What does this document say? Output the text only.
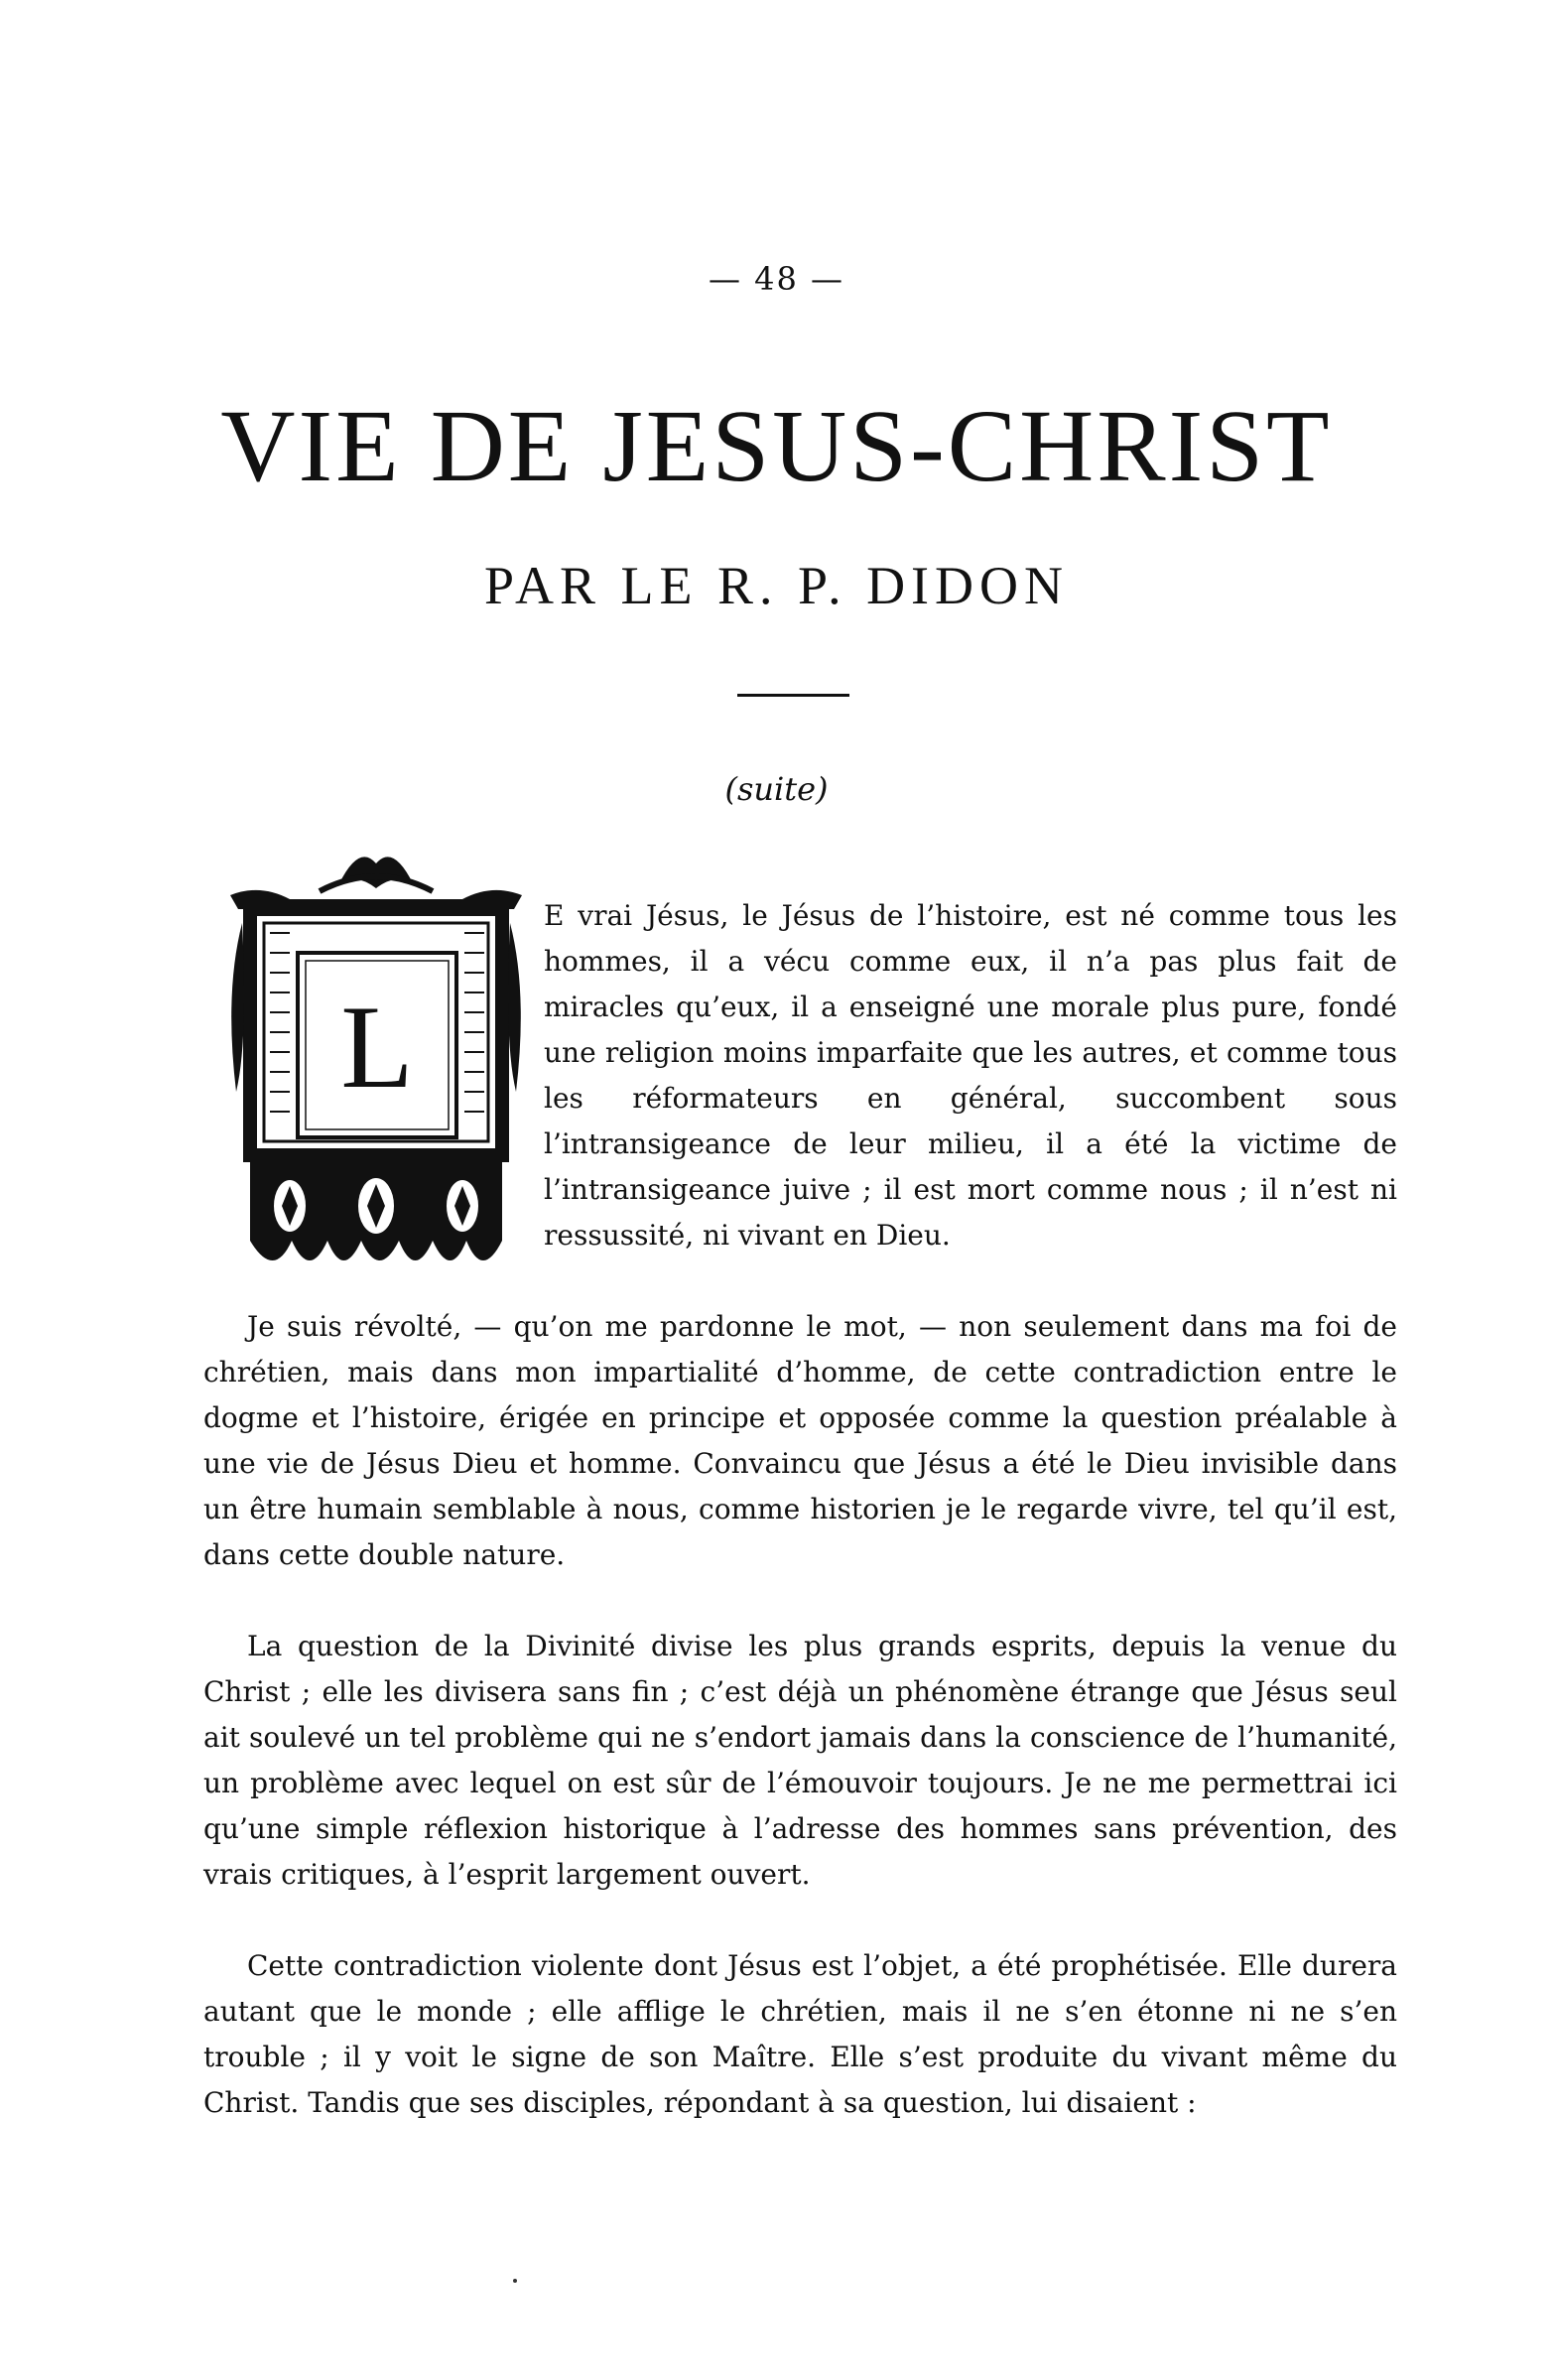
— 48 —
VIE DE JESUS-CHRIST
PAR LE R. P. DIDON
(suite)
L

E vrai Jésus, le Jésus de l’histoire, est né comme tous les hommes, il a vécu comme eux, il n’a pas plus fait de miracles qu’eux, il a enseigné une morale plus pure, fondé une religion moins imparfaite que les autres, et comme tous les réformateurs en général, succombent sous l’intransigeance de leur milieu, il a été la victime de l’intransigeance juive ; il est mort comme nous ; il n’est ni ressussité, ni vivant en Dieu.

Je suis révolté, — qu’on me pardonne le mot, — non seulement dans ma foi de chrétien, mais dans mon impartialité d’homme, de cette contradiction entre le dogme et l’histoire, érigée en principe et opposée comme la question préalable à une vie de Jésus Dieu et homme. Convaincu que Jésus a été le Dieu invisible dans un être humain semblable à nous, comme historien je le regarde vivre, tel qu’il est, dans cette double nature.

La question de la Divinité divise les plus grands esprits, depuis la venue du Christ ; elle les divisera sans fin ; c’est déjà un phénomène étrange que Jésus seul ait soulevé un tel problème qui ne s’endort jamais dans la conscience de l’humanité, un problème avec lequel on est sûr de l’émouvoir toujours. Je ne me permettrai ici qu’une simple réflexion historique à l’adresse des hommes sans prévention, des vrais critiques, à l’esprit largement ouvert.

Cette contradiction violente dont Jésus est l’objet, a été prophétisée. Elle durera autant que le monde ; elle afflige le chrétien, mais il ne s’en étonne ni ne s’en trouble ; il y voit le signe de son Maître. Elle s’est produite du vivant même du Christ. Tandis que ses disciples, répondant à sa question, lui disaient :
